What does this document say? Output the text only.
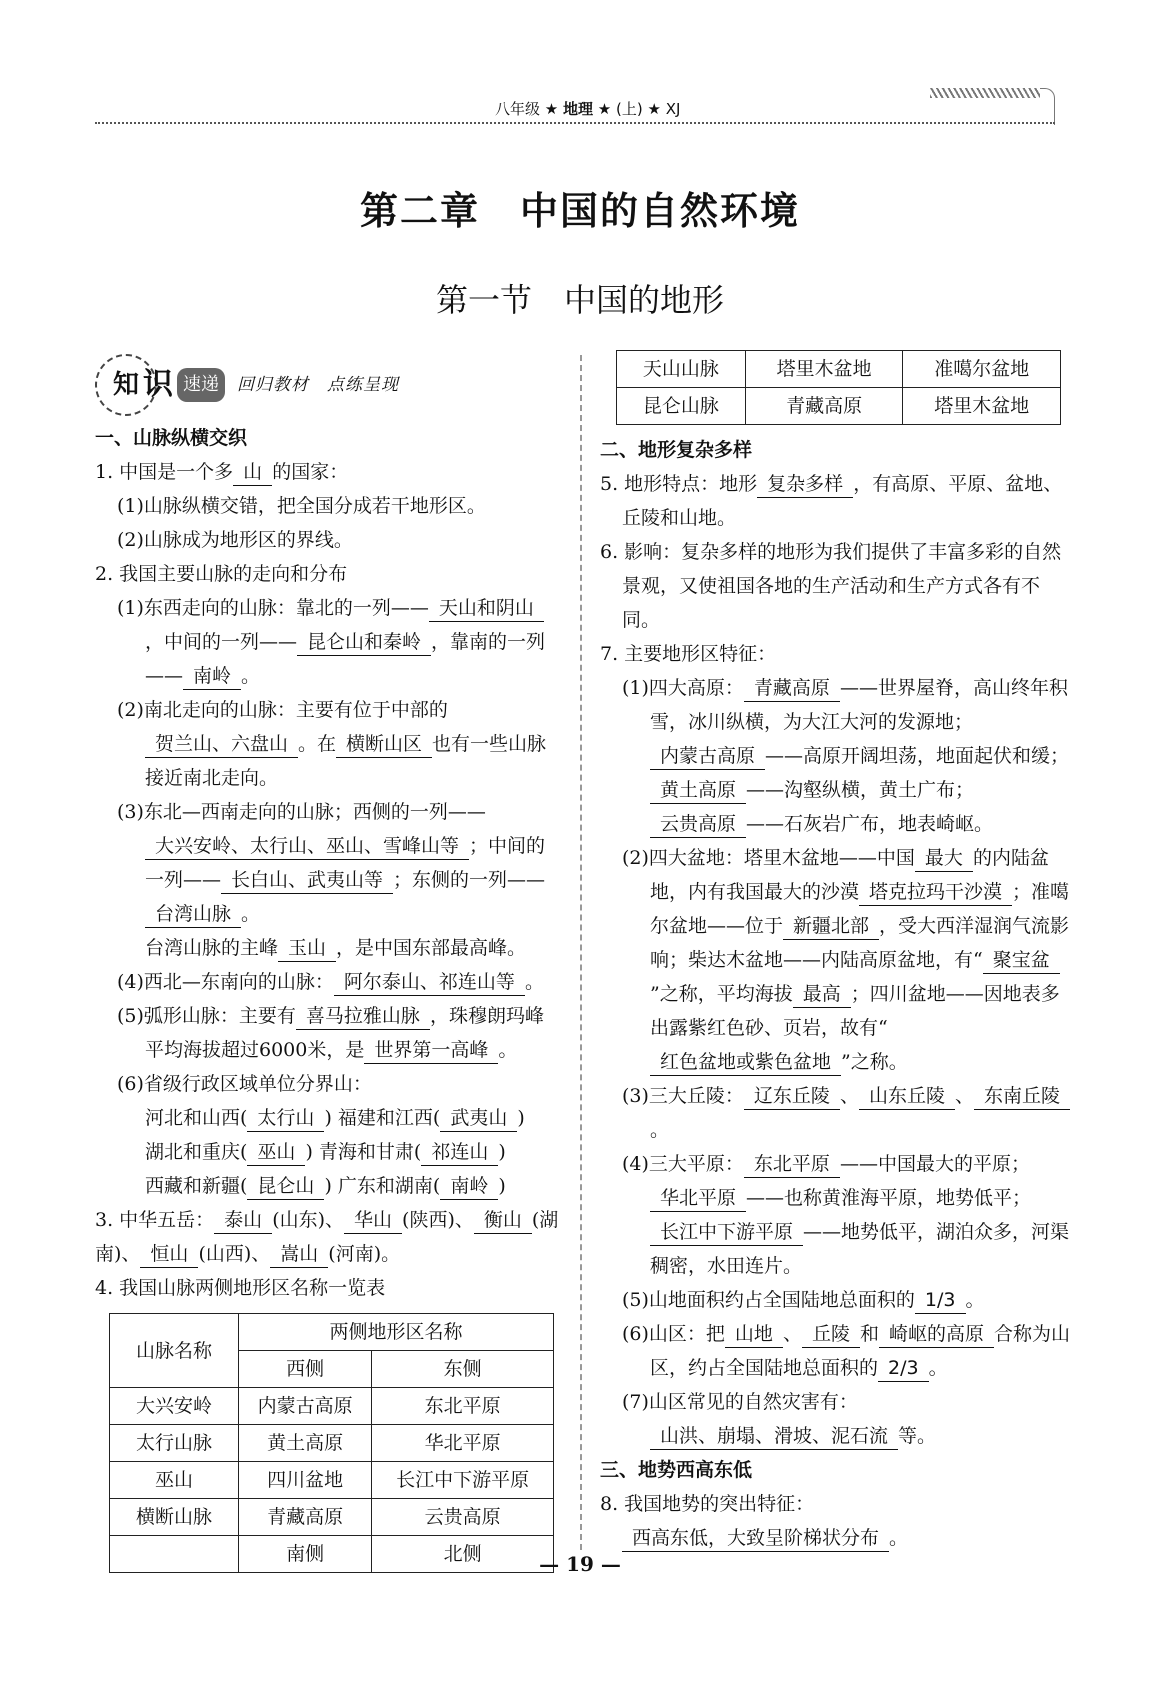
八年级 ★ 地理 ★ (上) ★ XJ
第二章　中国的自然环境
第一节　中国的地形
知 识 速递	回归教材　点练呈现

一、山脉纵横交织

1. 中国是一个多 山 的国家：

(1)山脉纵横交错，把全国分成若干地形区。

(2)山脉成为地形区的界线。

2. 我国主要山脉的走向和分布

(1)东西走向的山脉：靠北的一列—— 天山和阴山，中间的一列—— 昆仑山和秦岭 ，靠南的一列—— 南岭 。

(2)南北走向的山脉：主要有位于中部的贺兰山、六盘山 。在 横断山区 也有一些山脉接近南北走向。

(3)东北—西南走向的山脉；西侧的一列——大兴安岭、太行山、巫山、雪峰山等 ；中间的一列—— 长白山、武夷山等 ；东侧的一列——台湾山脉 。

台湾山脉的主峰 玉山 ，是中国东部最高峰。

(4)西北—东南向的山脉： 阿尔泰山、祁连山等 。

(5)弧形山脉：主要有 喜马拉雅山脉 ，珠穆朗玛峰平均海拔超过6000米，是 世界第一高峰 。

(6)省级行政区域单位分界山：

河北和山西( 太行山 ) 福建和江西( 武夷山 )
湖北和重庆( 巫山 ) 青海和甘肃( 祁连山 )
西藏和新疆( 昆仑山 ) 广东和湖南( 南岭 )

3. 中华五岳： 泰山 (山东)、 华山 (陕西)、 衡山 (湖南)、 恒山 (山西)、 嵩山 (河南)。

4. 我国山脉两侧地形区名称一览表

山脉名称	两侧地形区名称	
	西侧	东侧
大兴安岭	内蒙古高原	东北平原
太行山脉	黄土高原	华北平原
巫山	四川盆地	长江中下游平原
横断山脉	青藏高原	云贵高原
	南侧	北侧
天山山脉	塔里木盆地	准噶尔盆地
昆仑山脉	青藏高原	塔里木盆地

二、地形复杂多样

5. 地形特点：地形 复杂多样 ，有高原、平原、盆地、丘陵和山地。

6. 影响：复杂多样的地形为我们提供了丰富多彩的自然景观，又使祖国各地的生产活动和生产方式各有不同。

7. 主要地形区特征：

(1)四大高原： 青藏高原 ——世界屋脊，高山终年积雪，冰川纵横，为大江大河的发源地；内蒙古高原 ——高原开阔坦荡，地面起伏和缓；黄土高原 ——沟壑纵横，黄土广布；云贵高原 ——石灰岩广布，地表崎岖。

(2)四大盆地：塔里木盆地——中国 最大 的内陆盆地，内有我国最大的沙漠 塔克拉玛干沙漠 ；准噶尔盆地——位于 新疆北部 ，受大西洋湿润气流影响；柴达木盆地——内陆高原盆地，有“ 聚宝盆”之称，平均海拔 最高 ；四川盆地——因地表多出露紫红色砂、页岩，故有“红色盆地或紫色盆地 ”之称。

(3)三大丘陵： 辽东丘陵 、 山东丘陵 、 东南丘陵。

(4)三大平原： 东北平原 ——中国最大的平原；华北平原 ——也称黄淮海平原，地势低平；长江中下游平原 ——地势低平，湖泊众多，河渠稠密，水田连片。

(5)山地面积约占全国陆地总面积的 1/3 。

(6)山区：把 山地 、 丘陵 和 崎岖的高原 合称为山区，约占全国陆地总面积的 2/3 。

(7)山区常见的自然灾害有：山洪、崩塌、滑坡、泥石流 等。

三、地势西高东低

8. 我国地势的突出特征：西高东低，大致呈阶梯状分布 。

— 19 —
